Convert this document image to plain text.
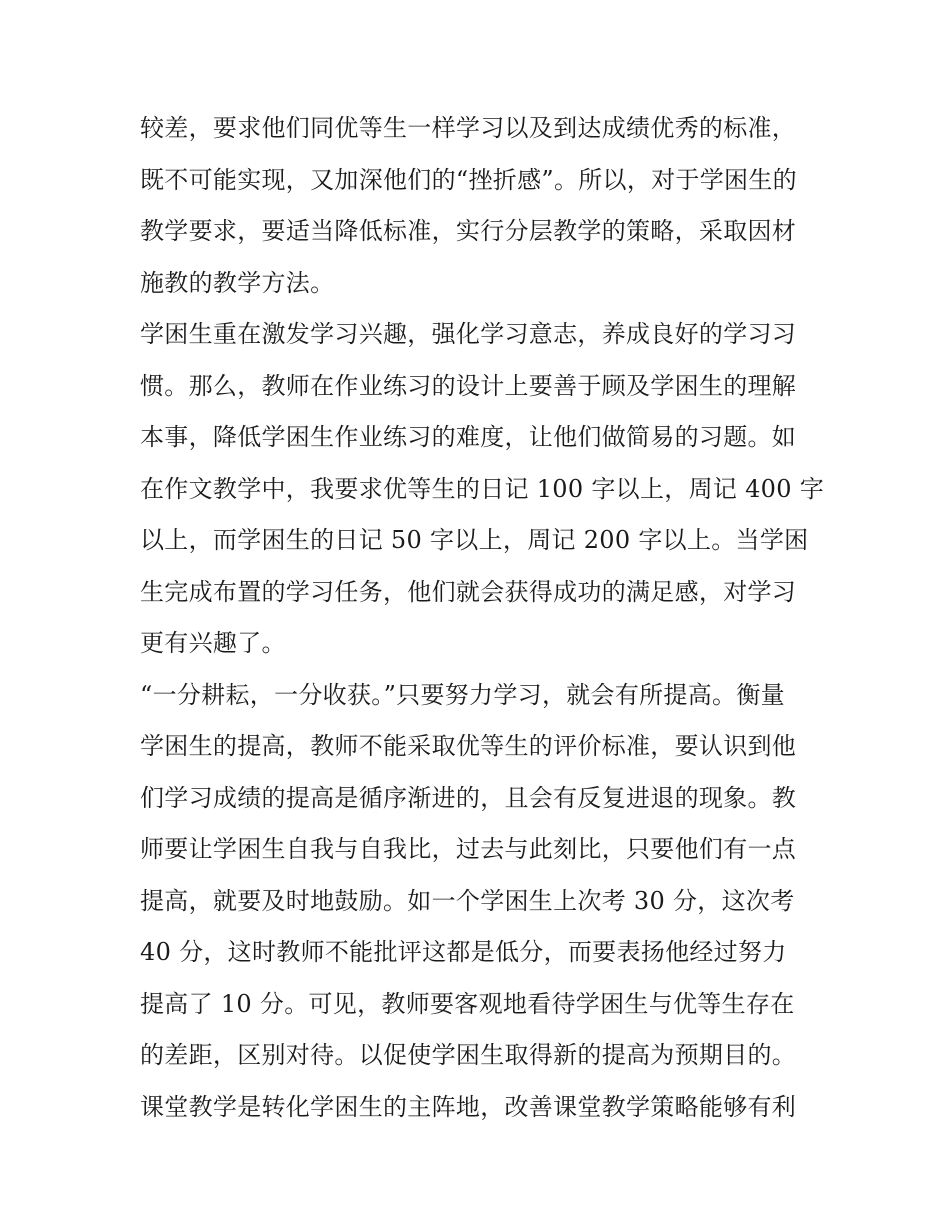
较差，要求他们同优等生一样学习以及到达成绩优秀的标准，
既不可能实现，又加深他们的“挫折感”。所以，对于学困生的
教学要求，要适当降低标准，实行分层教学的策略，采取因材
施教的教学方法。
学困生重在激发学习兴趣，强化学习意志，养成良好的学习习
惯。那么，教师在作业练习的设计上要善于顾及学困生的理解
本事，降低学困生作业练习的难度，让他们做简易的习题。如
在作文教学中，我要求优等生的日记 100 字以上，周记 400 字
以上，而学困生的日记 50 字以上，周记 200 字以上。当学困
生完成布置的学习任务，他们就会获得成功的满足感，对学习
更有兴趣了。
“一分耕耘，一分收获。”只要努力学习，就会有所提高。衡量
学困生的提高，教师不能采取优等生的评价标准，要认识到他
们学习成绩的提高是循序渐进的，且会有反复进退的现象。教
师要让学困生自我与自我比，过去与此刻比，只要他们有一点
提高，就要及时地鼓励。如一个学困生上次考 30 分，这次考
40 分，这时教师不能批评这都是低分，而要表扬他经过努力
提高了 10 分。可见，教师要客观地看待学困生与优等生存在
的差距，区别对待。以促使学困生取得新的提高为预期目的。
课堂教学是转化学困生的主阵地，改善课堂教学策略能够有利
